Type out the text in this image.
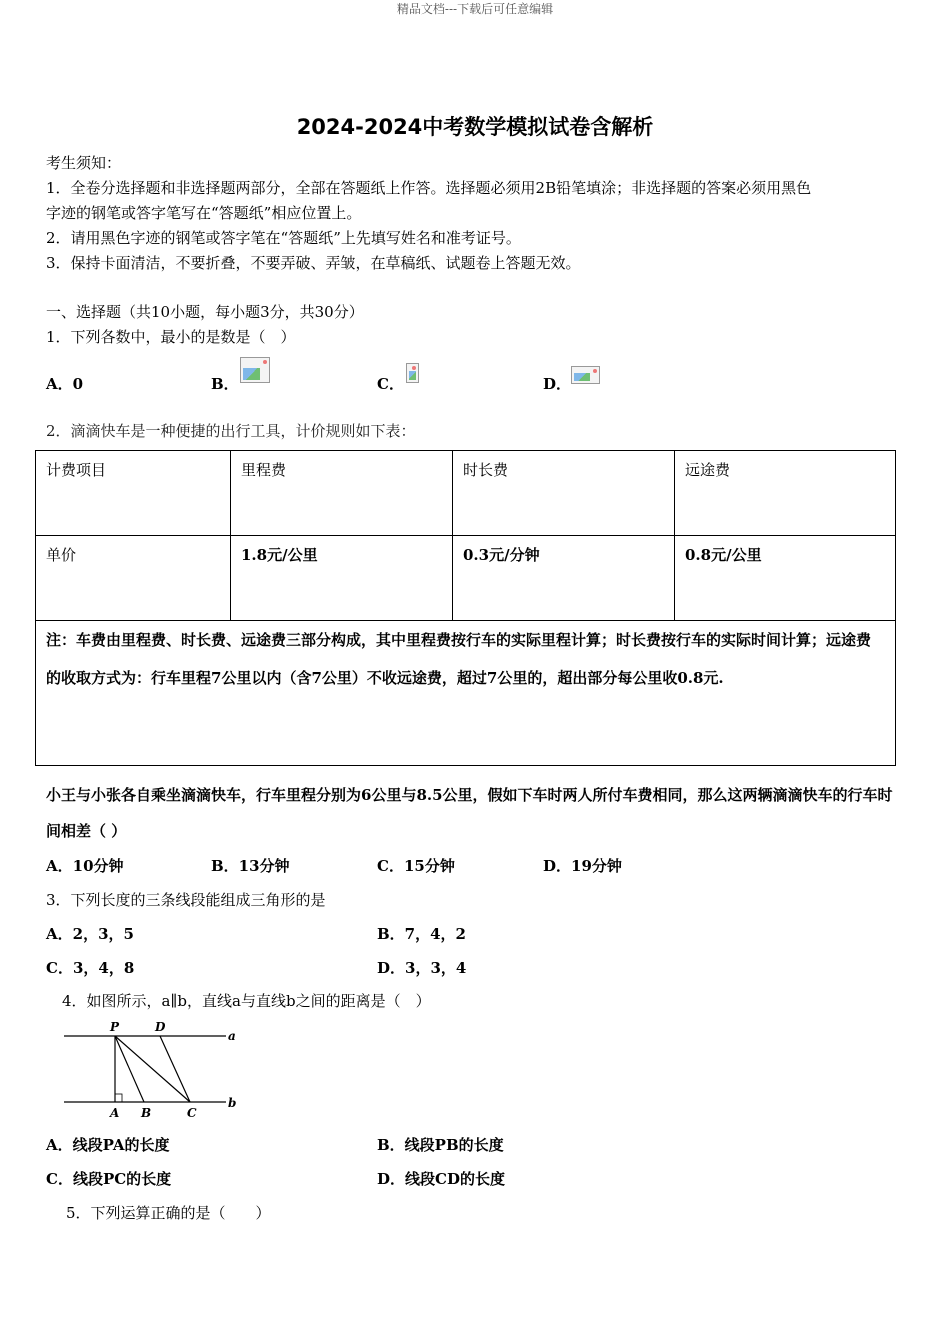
精品文档---下载后可任意编辑
2024-2024中考数学模拟试卷含解析
考生须知：
1．全卷分选择题和非选择题两部分，全部在答题纸上作答。选择题必须用2B铅笔填涂；非选择题的答案必须用黑色
字迹的钢笔或答字笔写在“答题纸”相应位置上。
2．请用黑色字迹的钢笔或答字笔在“答题纸”上先填写姓名和准考证号。
3．保持卡面清洁，不要折叠，不要弄破、弄皱，在草稿纸、试题卷上答题无效。
一、选择题（共10小题，每小题3分，共30分）
1．下列各数中，最小的是数是（　）
A．0	B．	C．	D．
2．滴滴快车是一种便捷的出行工具，计价规则如下表：
计费项目	里程费	时长费	远途费
单价	1.8元/公里	0.3元/分钟	0.8元/公里
注：车费由里程费、时长费、远途费三部分构成，其中里程费按行车的实际里程计算；时长费按行车的实际时间计算；远途费的收取方式为：行车里程7公里以内（含7公里）不收远途费，超过7公里的，超出部分每公里收0.8元.			
小王与小张各自乘坐滴滴快车，行车里程分别为6公里与8.5公里，假如下车时两人所付车费相同，那么这两辆滴滴快车的行车时间相差（ ）
A．10分钟	B．13分钟	C．15分钟	D．19分钟
3．下列长度的三条线段能组成三角形的是
A．2，3，5	B．7，4，2
C．3，4，8	D．3，3，4
4．如图所示，a∥b，直线a与直线b之间的距离是（　）
P	D
a
A B	C
b
A．线段PA的长度	B．线段PB的长度
C．线段PC的长度	D．线段CD的长度
5．下列运算正确的是（　　）
